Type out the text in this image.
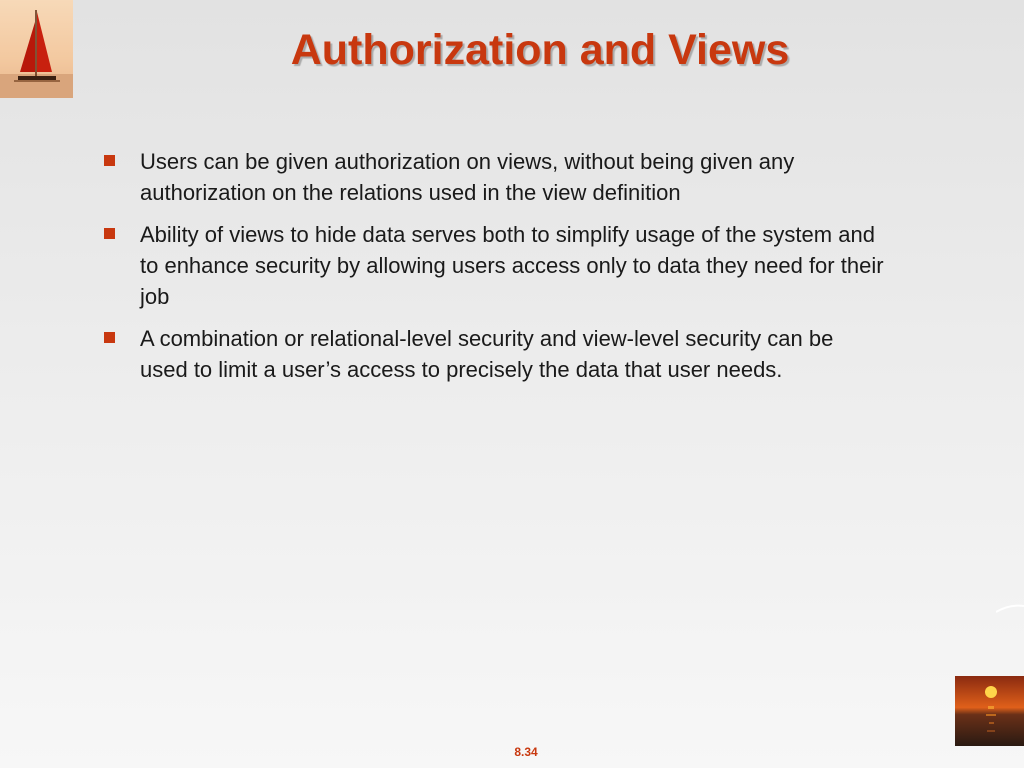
Authorization and Views
Users can be given authorization on views, without being given any authorization on the relations used in the view definition
Ability of views to hide data serves both to simplify usage of the system and to enhance security by allowing users access only to data they need for their job
A combination or relational-level security and view-level security can be used to limit a user’s access to precisely the data that user needs.
8.34
